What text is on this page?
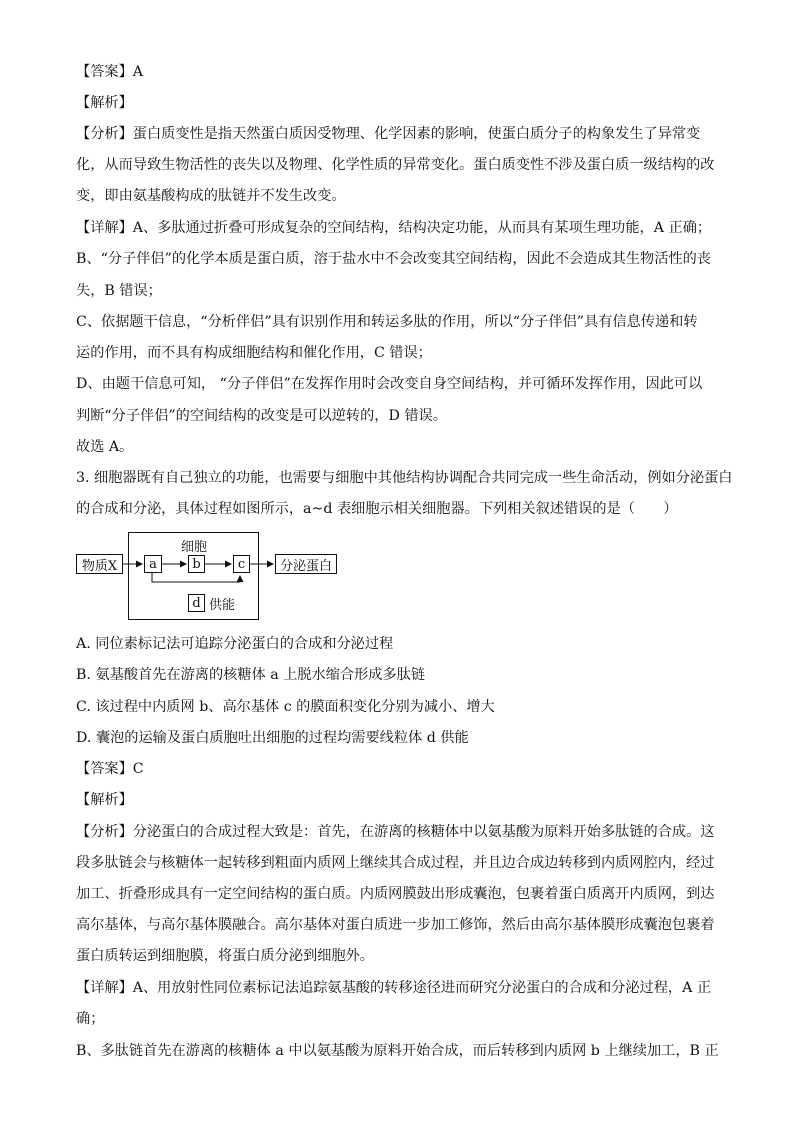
【答案】A
【解析】
【分析】蛋白质变性是指天然蛋白质因受物理、化学因素的影响，使蛋白质分子的构象发生了异常变
化，从而导致生物活性的丧失以及物理、化学性质的异常变化。蛋白质变性不涉及蛋白质一级结构的改
变，即由氨基酸构成的肽链并不发生改变。
【详解】A、多肽通过折叠可形成复杂的空间结构，结构决定功能，从而具有某项生理功能，A 正确；
B、“分子伴侣”的化学本质是蛋白质，溶于盐水中不会改变其空间结构，因此不会造成其生物活性的丧
失，B 错误；
C、依据题干信息，“分析伴侣”具有识别作用和转运多肽的作用，所以“分子伴侣”具有信息传递和转
运的作用，而不具有构成细胞结构和催化作用，C 错误；
D、由题干信息可知， “分子伴侣”在发挥作用时会改变自身空间结构，并可循环发挥作用，因此可以
判断“分子伴侣”的空间结构的改变是可以逆转的，D 错误。
故选 A。
3. 细胞器既有自己独立的功能，也需要与细胞中其他结构协调配合共同完成一些生命活动，例如分泌蛋白
的合成和分泌，具体过程如图所示，a~d 表细胞示相关细胞器。下列相关叙述错误的是（　　）
物质X
细胞
a	b	c
d 供能
分泌蛋白
A. 同位素标记法可追踪分泌蛋白的合成和分泌过程
B. 氨基酸首先在游离的核糖体 a 上脱水缩合形成多肽链
C. 该过程中内质网 b、高尔基体 c 的膜面积变化分别为减小、增大
D. 囊泡的运输及蛋白质胞吐出细胞的过程均需要线粒体 d 供能
【答案】C
【解析】
【分析】分泌蛋白的合成过程大致是：首先，在游离的核糖体中以氨基酸为原料开始多肽链的合成。这
段多肽链会与核糖体一起转移到粗面内质网上继续其合成过程，并且边合成边转移到内质网腔内，经过
加工、折叠形成具有一定空间结构的蛋白质。内质网膜鼓出形成囊泡，包裹着蛋白质离开内质网，到达
高尔基体，与高尔基体膜融合。高尔基体对蛋白质进一步加工修饰，然后由高尔基体膜形成囊泡包裹着
蛋白质转运到细胞膜，将蛋白质分泌到细胞外。
【详解】A、用放射性同位素标记法追踪氨基酸的转移途径进而研究分泌蛋白的合成和分泌过程，A 正
确；
B、多肽链首先在游离的核糖体 a 中以氨基酸为原料开始合成，而后转移到内质网 b 上继续加工，B 正
